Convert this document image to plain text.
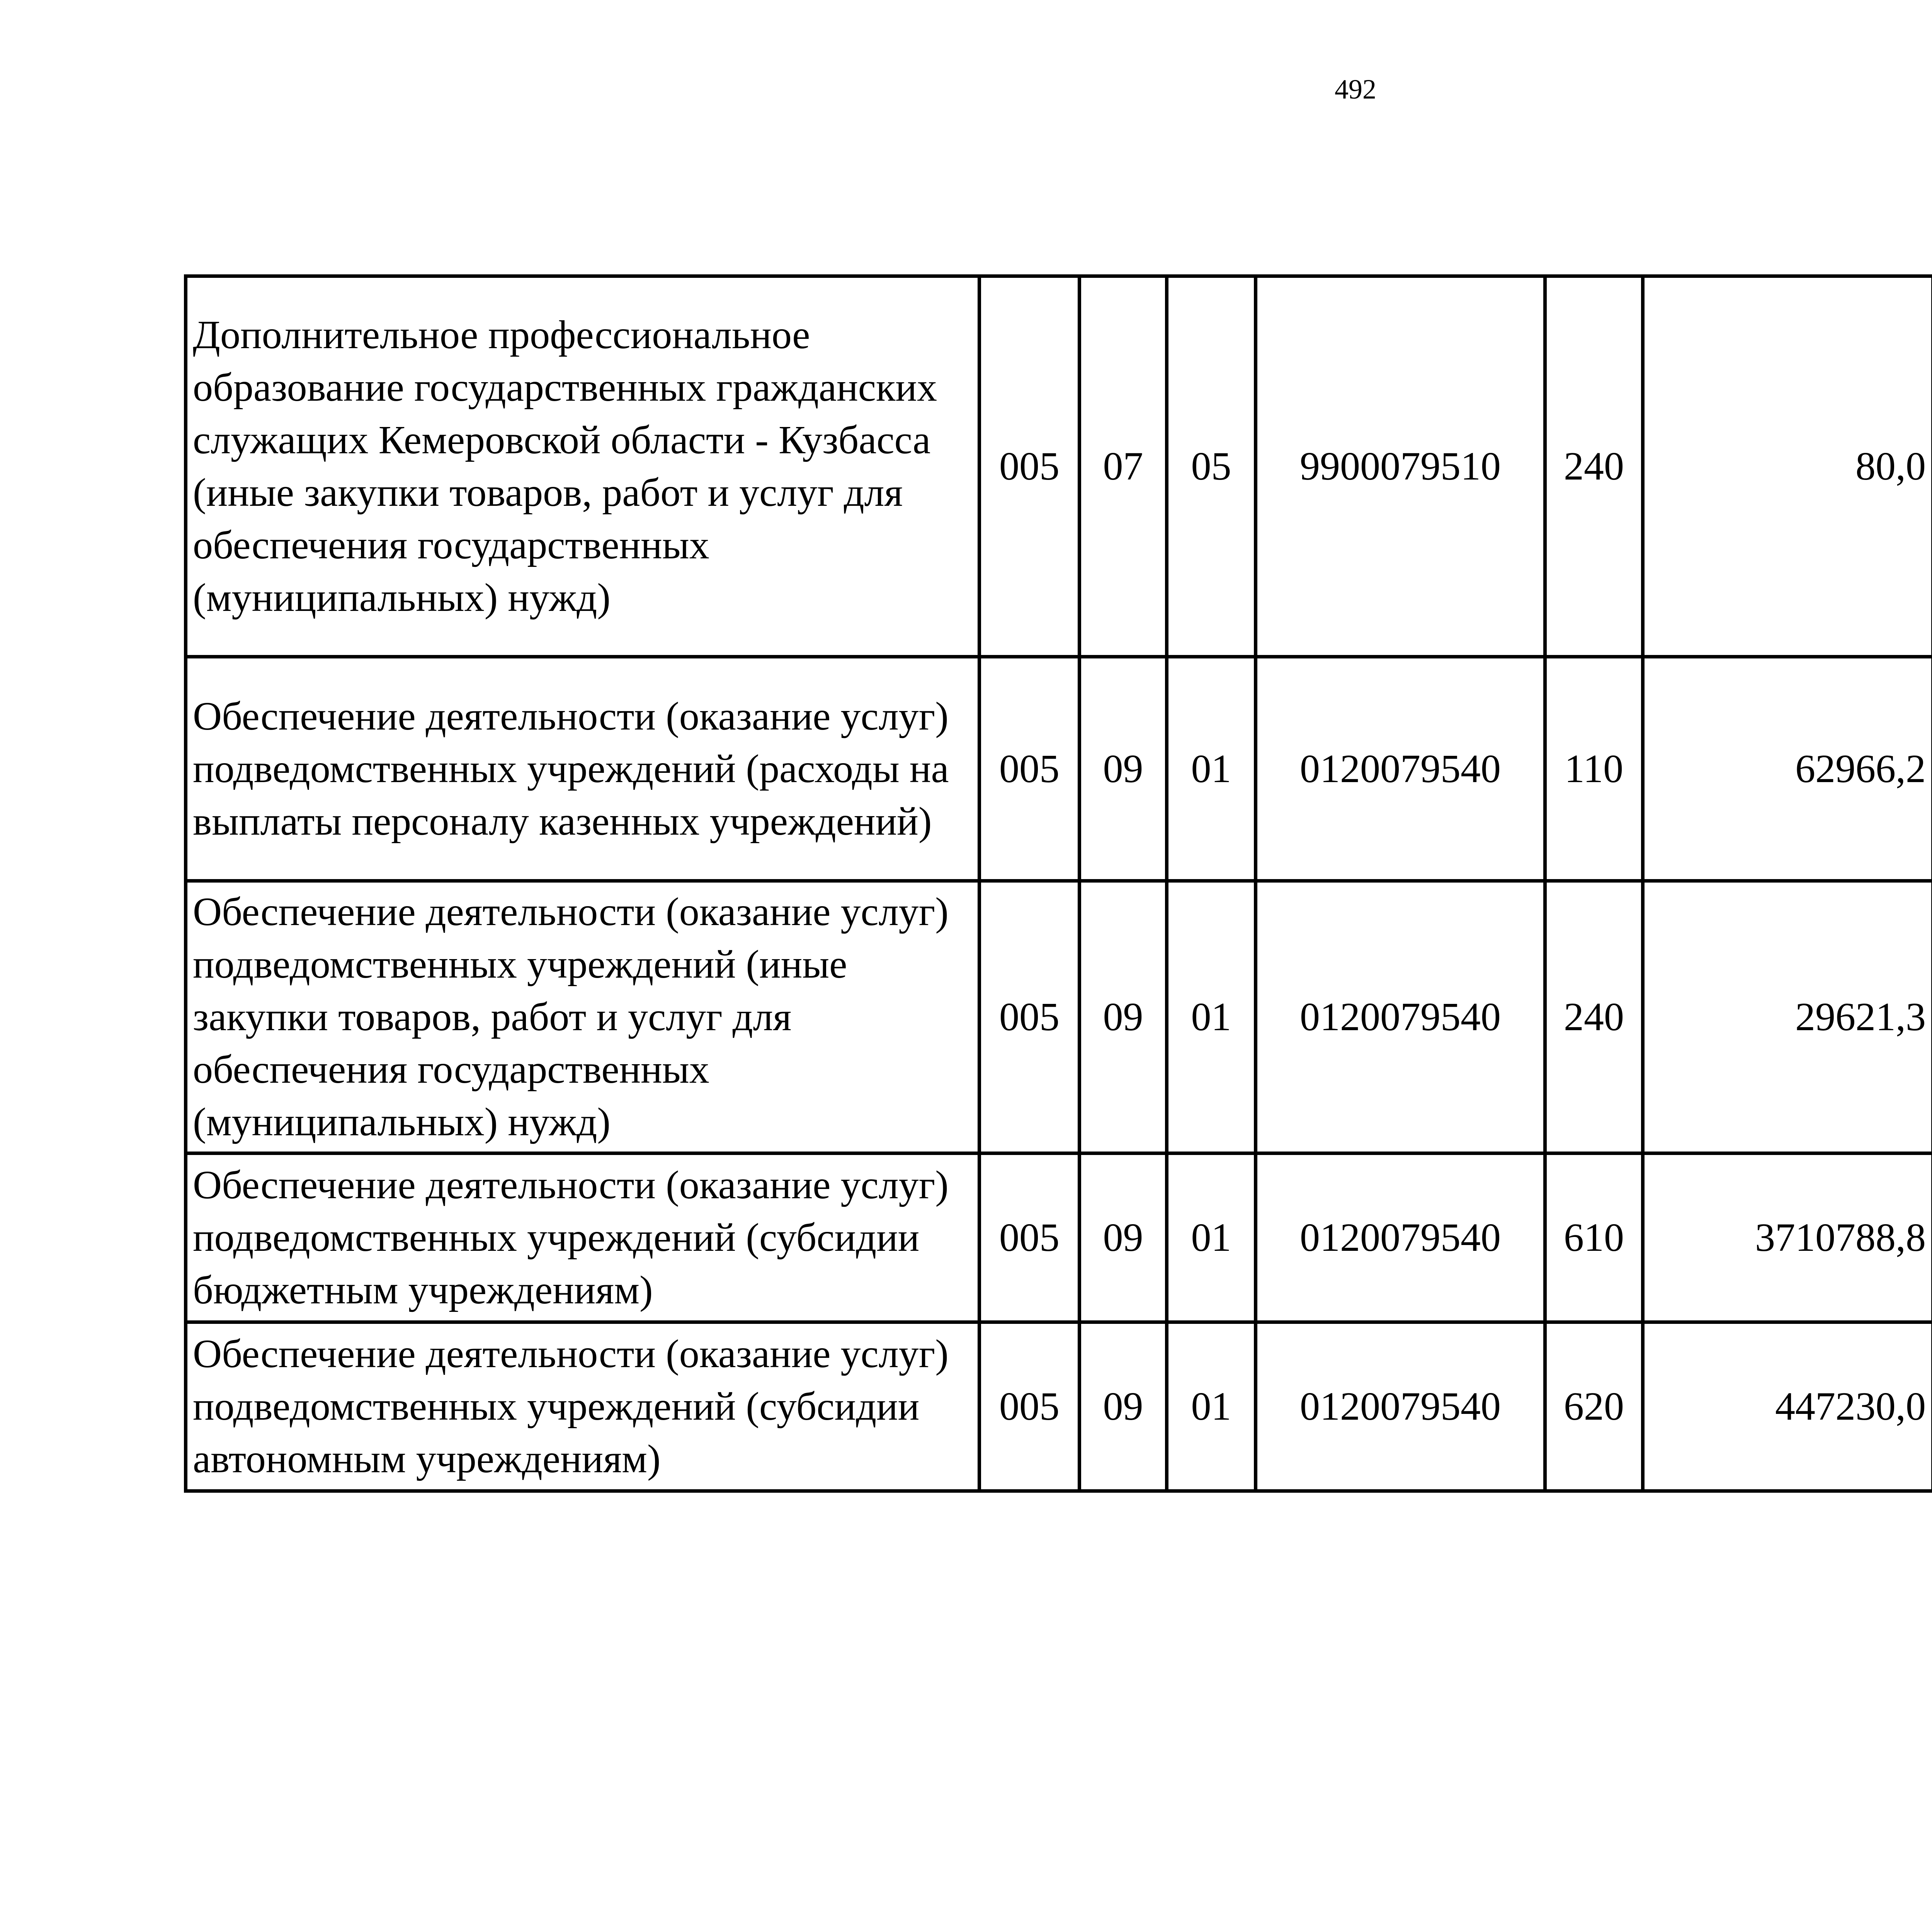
492
Дополнительное профессиональное образование государственных гражданских служащих Кемеровской области - Кузбасса (иные закупки товаров, работ и услуг для обеспечения государственных (муниципальных) нужд)	005	07	05	9900079510	240	80,0		
Обеспечение деятельности (оказание услуг) подведомственных учреждений (расходы на выплаты персоналу казенных учреждений)	005	09	01	0120079540	110	62966,2		
Обеспечение деятельности (оказание услуг) подведомственных учреждений (иные закупки товаров, работ и услуг для обеспечения государственных (муниципальных) нужд)	005	09	01	0120079540	240	29621,3		
Обеспечение деятельности (оказание услуг) подведомственных учреждений (субсидии бюджетным учреждениям)	005	09	01	0120079540	610	3710788,8		
Обеспечение деятельности (оказание услуг) подведомственных учреждений (субсидии автономным учреждениям)	005	09	01	0120079540	620	447230,0		
